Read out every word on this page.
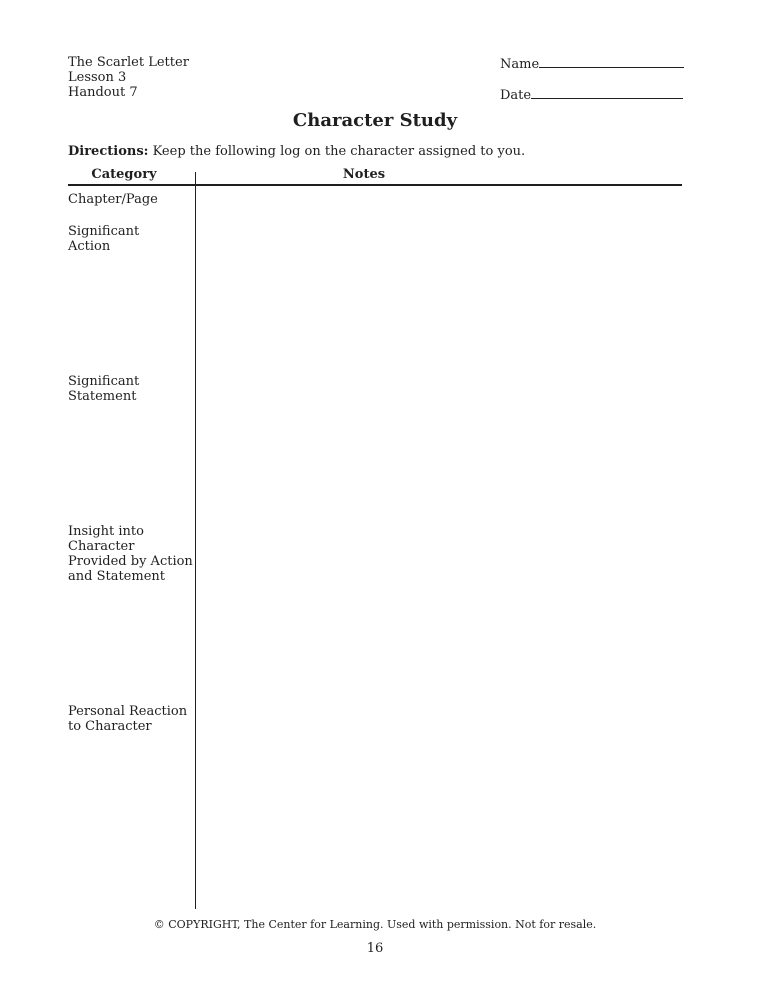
The Scarlet Letter
Lesson 3
Handout 7
Name
Date
Character Study
Directions: Keep the following log on the character assigned to you.
Category	Notes
Chapter/Page
Significant
Action
Significant
Statement
Insight into
Character
Provided by Action
and Statement
Personal Reaction
to Character
© COPYRIGHT, The Center for Learning. Used with permission. Not for resale.
16
